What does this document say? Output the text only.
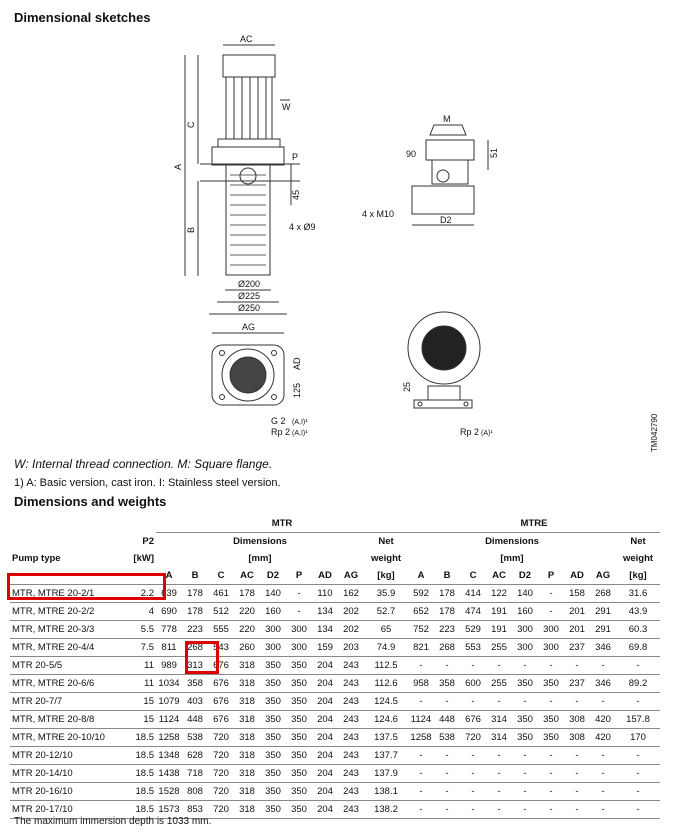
Dimensional sketches
AC
W
P
A
C
B
45
4 x Ø9
Ø200
Ø225
Ø250
AG
AD
125
G 2 (A,I)¹
Rp 2 (A,I)¹
M
90	51
4 x M10
D2
25
Rp 2 (A)¹	TM042790
W: Internal thread connection. M: Square flange.
1) A: Basic version, cast iron. I: Stainless steel version.
Dimensions and weights
		MTR									MTRE								
Pump type	P2	Dimensions								Net	Dimensions								Net
	[kW]	[mm]								weight	[mm]								weight
		A	B	C	AC	D2	P	AD	AG	[kg]	A	B	C	AC	D2	P	AD	AG	[kg]
MTR, MTRE 20-2/1	2.2	639	178	461	178	140	-	110	162	35.9	592	178	414	122	140	-	158	268	31.6
MTR, MTRE 20-2/2	4	690	178	512	220	160	-	134	202	52.7	652	178	474	191	160	-	201	291	43.9
MTR, MTRE 20-3/3	5.5	778	223	555	220	300	300	134	202	65	752	223	529	191	300	300	201	291	60.3
MTR, MTRE 20-4/4	7.5	811	268	543	260	300	300	159	203	74.9	821	268	553	255	300	300	237	346	69.8
MTR 20-5/5	11	989	313	676	318	350	350	204	243	112.5	-	-	-	-	-	-	-	-	-
MTR, MTRE 20-6/6	11	1034	358	676	318	350	350	204	243	112.6	958	358	600	255	350	350	237	346	89.2
MTR 20-7/7	15	1079	403	676	318	350	350	204	243	124.5	-	-	-	-	-	-	-	-	-
MTR, MTRE 20-8/8	15	1124	448	676	318	350	350	204	243	124.6	1124	448	676	314	350	350	308	420	157.8
MTR, MTRE 20-10/10	18.5	1258	538	720	318	350	350	204	243	137.5	1258	538	720	314	350	350	308	420	170
MTR 20-12/10	18.5	1348	628	720	318	350	350	204	243	137.7	-	-	-	-	-	-	-	-	-
MTR 20-14/10	18.5	1438	718	720	318	350	350	204	243	137.9	-	-	-	-	-	-	-	-	-
MTR 20-16/10	18.5	1528	808	720	318	350	350	204	243	138.1	-	-	-	-	-	-	-	-	-
MTR 20-17/10	18.5	1573	853	720	318	350	350	204	243	138.2	-	-	-	-	-	-	-	-	-
The maximum immersion depth is 1033 mm.
